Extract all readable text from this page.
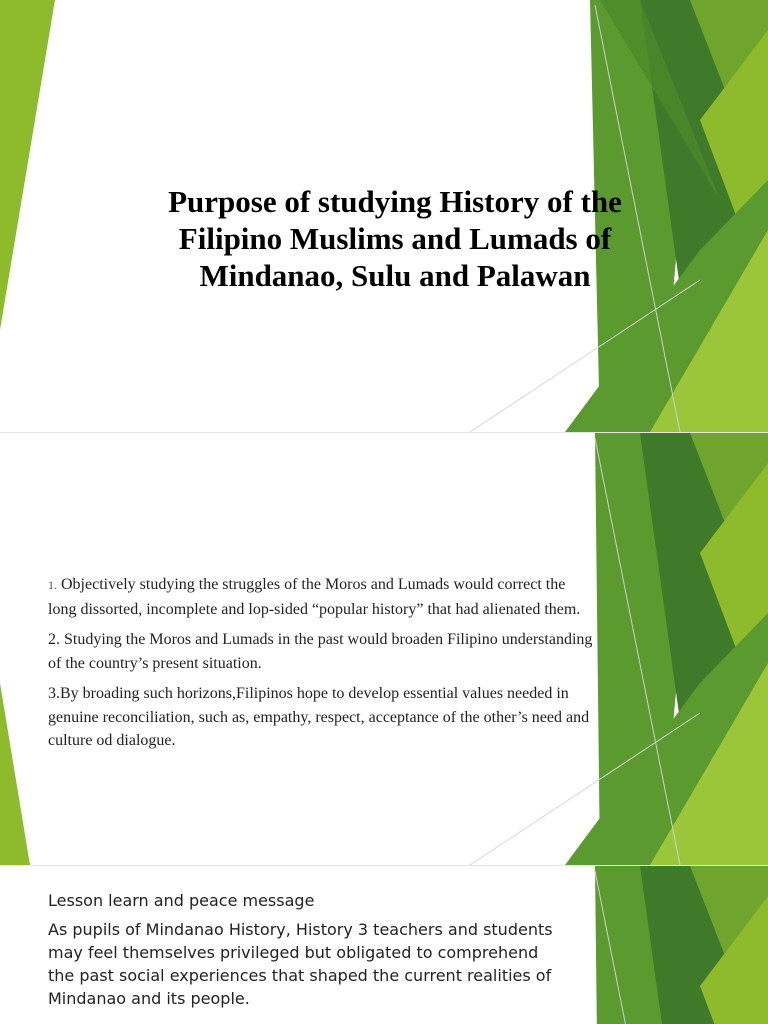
Purpose of studying History of the Filipino Muslims and Lumads of Mindanao, Sulu and Palawan

1. Objectively studying the struggles of the Moros and Lumads would correct the long dissorted, incomplete and lop-sided “popular history” that had alienated them.

2. Studying the Moros and Lumads in the past would broaden Filipino understanding of the country’s present situation.

3.By broading such horizons,Filipinos hope to develop essential values needed in genuine reconciliation, such as, empathy, respect, acceptance of the other’s need and culture od dialogue.

Lesson learn and peace message
As pupils of Mindanao History, History 3 teachers and students may feel themselves privileged but obligated to comprehend the past social experiences that shaped the current realities of Mindanao and its people.
